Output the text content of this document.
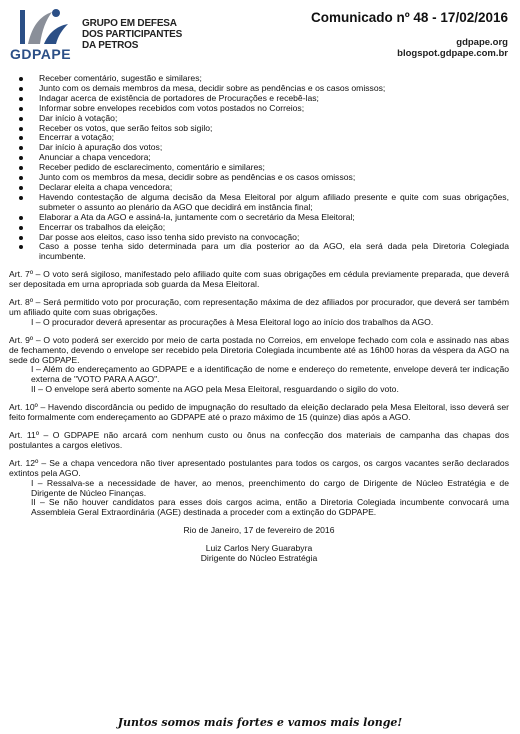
GDPAPE
GRUPO EM DEFESA
DOS PARTICIPANTES
DA PETROS
Comunicado nº 48 - 17/02/2016
gdpape.org
blogspot.gdpape.com.br
Receber comentário, sugestão e similares;
Junto com os demais membros da mesa, decidir sobre as pendências e os casos omissos;
Indagar acerca de existência de portadores de Procurações e recebê-las;
Informar sobre envelopes recebidos com votos postados no Correios;
Dar início à votação;
Receber os votos, que serão feitos sob sigilo;
Encerrar a votação;
Dar início à apuração dos votos;
Anunciar a chapa vencedora;
Receber pedido de esclarecimento, comentário e similares;
Junto com os membros da mesa, decidir sobre as pendências e os casos omissos;
Declarar eleita a chapa vencedora;
Havendo contestação de alguma decisão da Mesa Eleitoral por algum afiliado presente e quite com suas obrigações, submeter o assunto ao plenário da AGO que decidirá em instância final;
Elaborar a Ata da AGO e assiná-la, juntamente com o secretário da Mesa Eleitoral;
Encerrar os trabalhos da eleição;
Dar posse aos eleitos, caso isso tenha sido previsto na convocação;
Caso a posse tenha sido determinada para um dia posterior ao da AGO, ela será dada pela Diretoria Colegiada incumbente.

Art. 7º – O voto será sigiloso, manifestado pelo afiliado quite com suas obrigações em cédula previamente preparada, que deverá ser depositada em urna apropriada sob guarda da Mesa Eleitoral.

Art. 8º – Será permitido voto por procuração, com representação máxima de dez afiliados por procurador, que deverá ser também um afiliado quite com suas obrigações.

I – O procurador deverá apresentar as procurações à Mesa Eleitoral logo ao início dos trabalhos da AGO.

Art. 9º – O voto poderá ser exercido por meio de carta postada no Correios, em envelope fechado com cola e assinado nas abas de fechamento, devendo o envelope ser recebido pela Diretoria Colegiada incumbente até as 16h00 horas da véspera da AGO na sede do GDPAPE.

I – Além do endereçamento ao GDPAPE e a identificação de nome e endereço do remetente, envelope deverá ter indicação externa de "VOTO PARA A AGO".

II – O envelope será aberto somente na AGO pela Mesa Eleitoral, resguardando o sigilo do voto.

Art. 10º – Havendo discordância ou pedido de impugnação do resultado da eleição declarado pela Mesa Eleitoral, isso deverá ser feito formalmente com endereçamento ao GDPAPE até o prazo máximo de 15 (quinze) dias após a AGO.

Art. 11º – O GDPAPE não arcará com nenhum custo ou ônus na confecção dos materiais de campanha das chapas dos postulantes a cargos eletivos.

Art. 12º – Se a chapa vencedora não tiver apresentado postulantes para todos os cargos, os cargos vacantes serão declarados extintos pela AGO.

I – Ressalva-se a necessidade de haver, ao menos, preenchimento do cargo de Dirigente de Núcleo Estratégia e de Dirigente de Núcleo Finanças.

II – Se não houver candidatos para esses dois cargos acima, então a Diretoria Colegiada incumbente convocará uma Assembleia Geral Extraordinária (AGE) destinada a proceder com a extinção do GDPAPE.

Rio de Janeiro, 17 de fevereiro de 2016

Luiz Carlos Nery Guarabyra

Dirigente do Núcleo Estratégia

Juntos somos mais fortes e vamos mais longe!
